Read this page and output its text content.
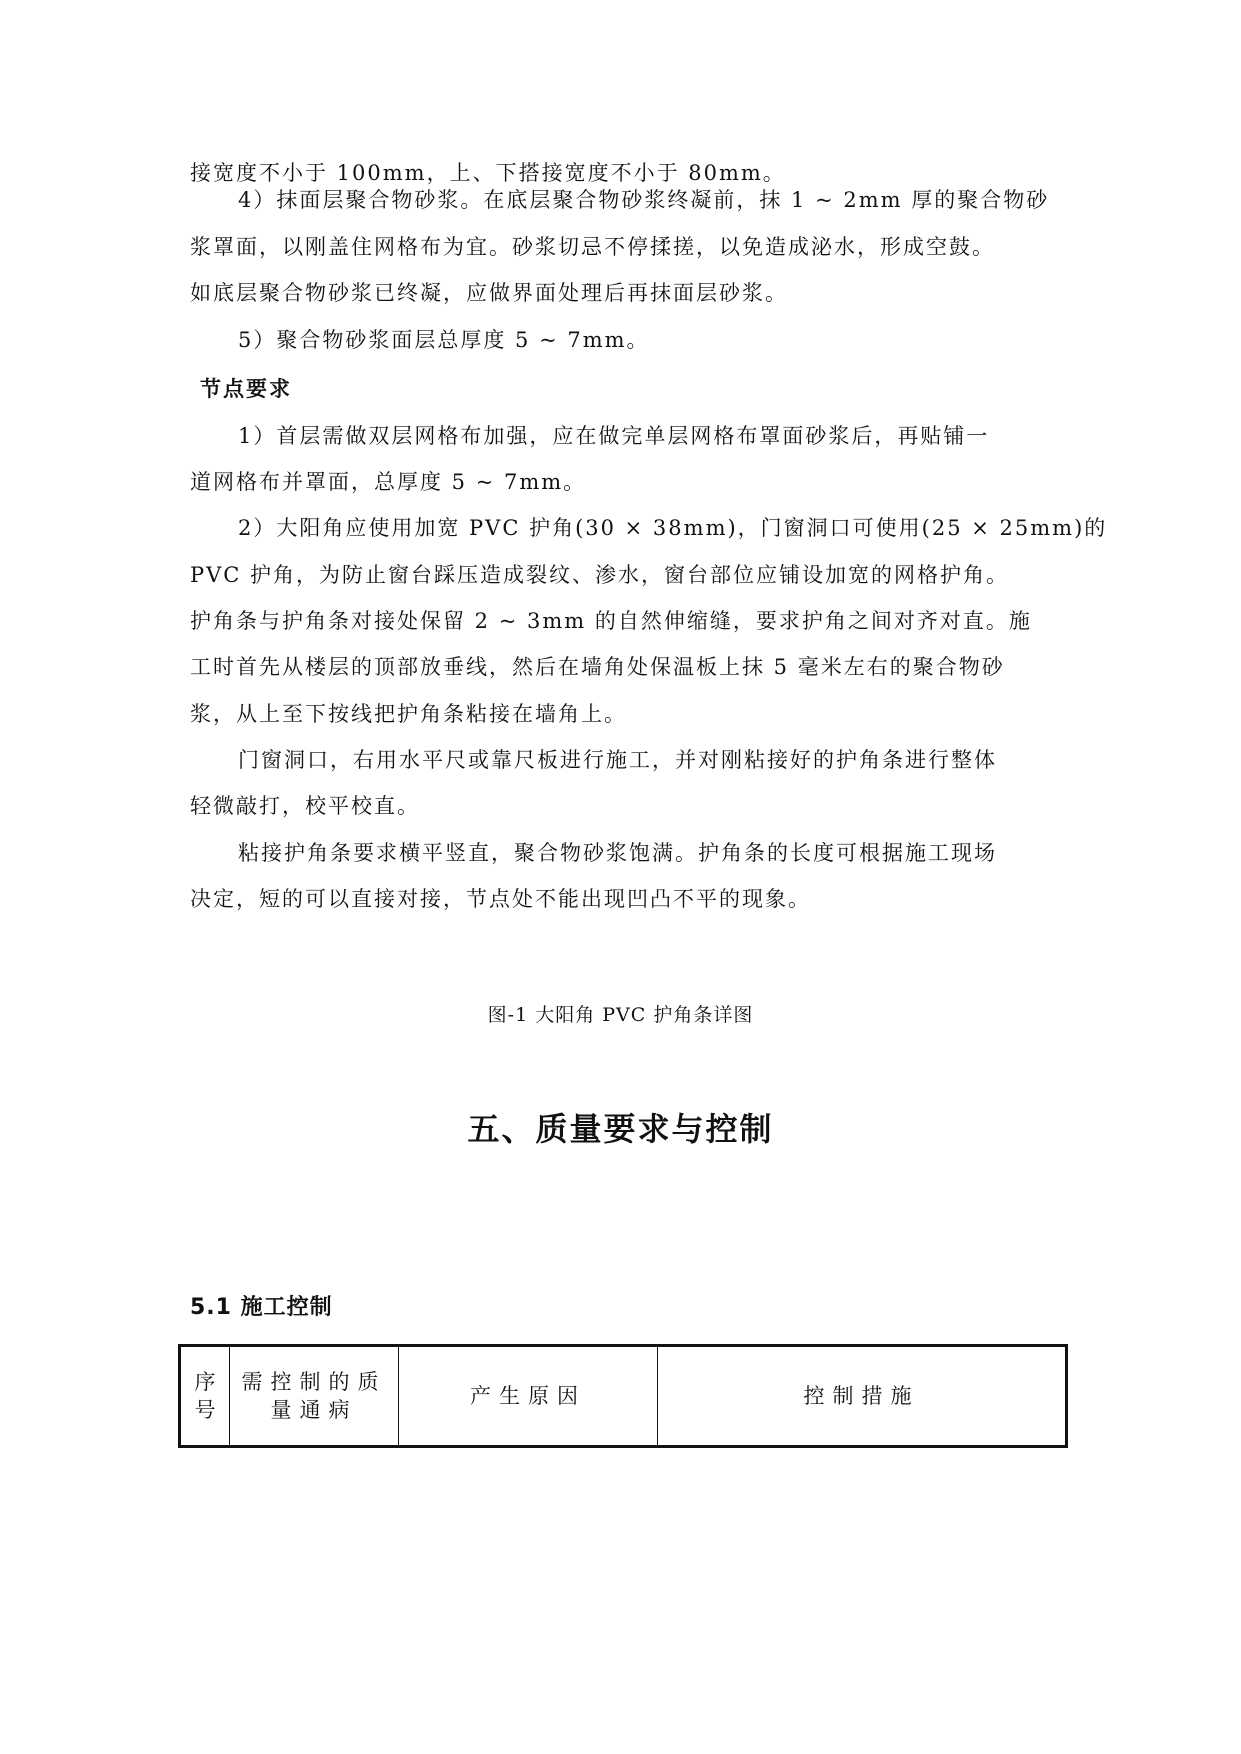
接宽度不小于 100mm，上、下搭接宽度不小于 80mm。
4）抹面层聚合物砂浆。在底层聚合物砂浆终凝前，抹 1 ~ 2mm 厚的聚合物砂
浆罩面，以刚盖住网格布为宜。砂浆切忌不停揉搓，以免造成泌水，形成空鼓。
如底层聚合物砂浆已终凝，应做界面处理后再抹面层砂浆。
5）聚合物砂浆面层总厚度 5 ~ 7mm。
节点要求
1）首层需做双层网格布加强，应在做完单层网格布罩面砂浆后，再贴铺一
道网格布并罩面，总厚度 5 ~ 7mm。
2）大阳角应使用加宽 PVC 护角(30 × 38mm)，门窗洞口可使用(25 × 25mm)的
PVC 护角，为防止窗台踩压造成裂纹、渗水，窗台部位应铺设加宽的网格护角。
护角条与护角条对接处保留 2 ~ 3mm 的自然伸缩缝，要求护角之间对齐对直。施
工时首先从楼层的顶部放垂线，然后在墙角处保温板上抹 5 毫米左右的聚合物砂
浆，从上至下按线把护角条粘接在墙角上。
门窗洞口，右用水平尺或靠尺板进行施工，并对刚粘接好的护角条进行整体
轻微敲打，校平校直。
粘接护角条要求横平竖直，聚合物砂浆饱满。护角条的长度可根据施工现场
决定，短的可以直接对接，节点处不能出现凹凸不平的现象。
图-1 大阳角 PVC 护角条详图
五、质量要求与控制
5.1 施工控制
序号	需控制的质量通病	产生原因	控制措施
